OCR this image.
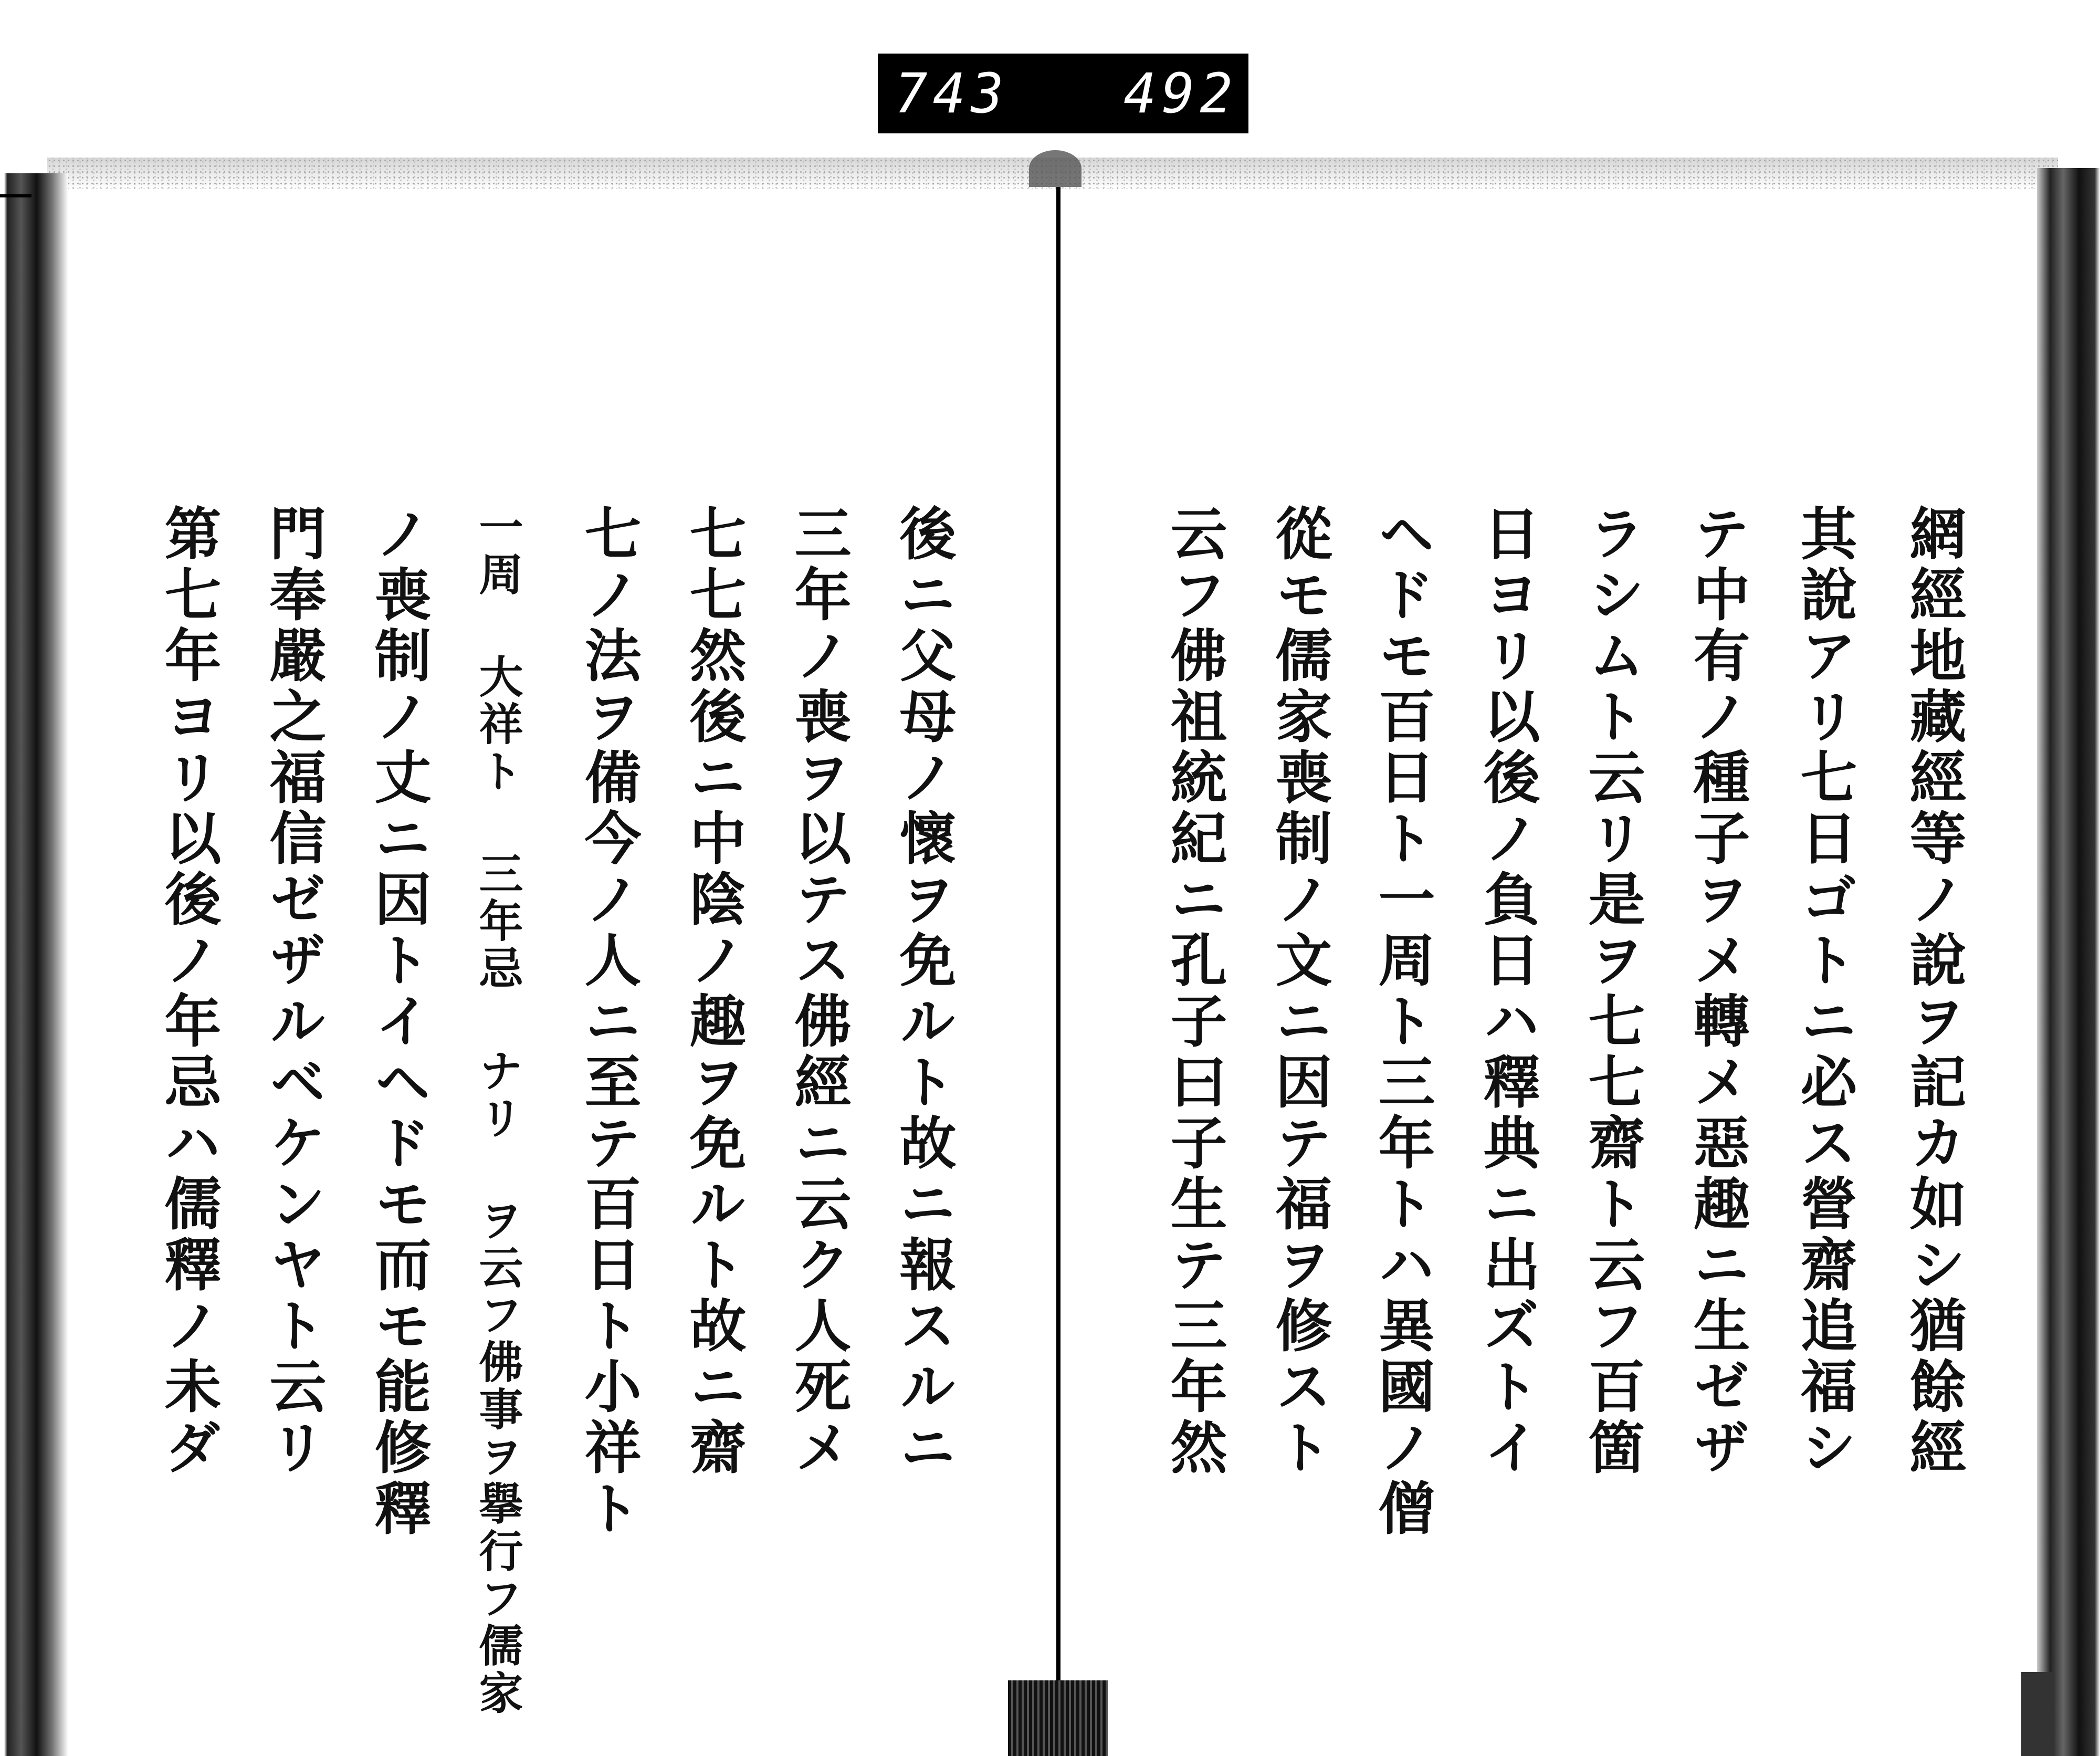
743 492
網經地藏經等ノ說ヲ記カ如シ猶餘經
其說アリ七日ゴトニ必ス營齋追福シ
テ中有ノ種子ヲメ轉メ惡趣ニ生ゼザ
ラシムト云リ是ヲ七七齋ト云フ百箇
日ヨリ以後ノ負日ハ釋典ニ出ズトイ
ヘドモ百日ト一周ト三年トハ異國ノ僧
從モ儒家喪制ノ文ニ因テ福ヲ修スト
云フ佛祖統紀ニ孔子曰子生テ三年然
後ニ父母ノ懷ヲ免ルト故ニ報スルニ
三年ノ喪ヲ以テス佛經ニ云ク人死メ
七七然後ニ中陰ノ趣ヲ免ルト故ニ齋
七ノ法ヲ備今ノ人ニ至テ百日ト小祥ト
一周 大祥ト 三年忌 ナリ ヲ云フ佛事ヲ擧行フ儒家
ノ喪制ノ丈ニ因トイヘドモ而モ能修釋
門奉嚴之福信ゼザルベケンヤト云リ
第七年ヨリ以後ノ年忌ハ儒釋ノ未ダ
